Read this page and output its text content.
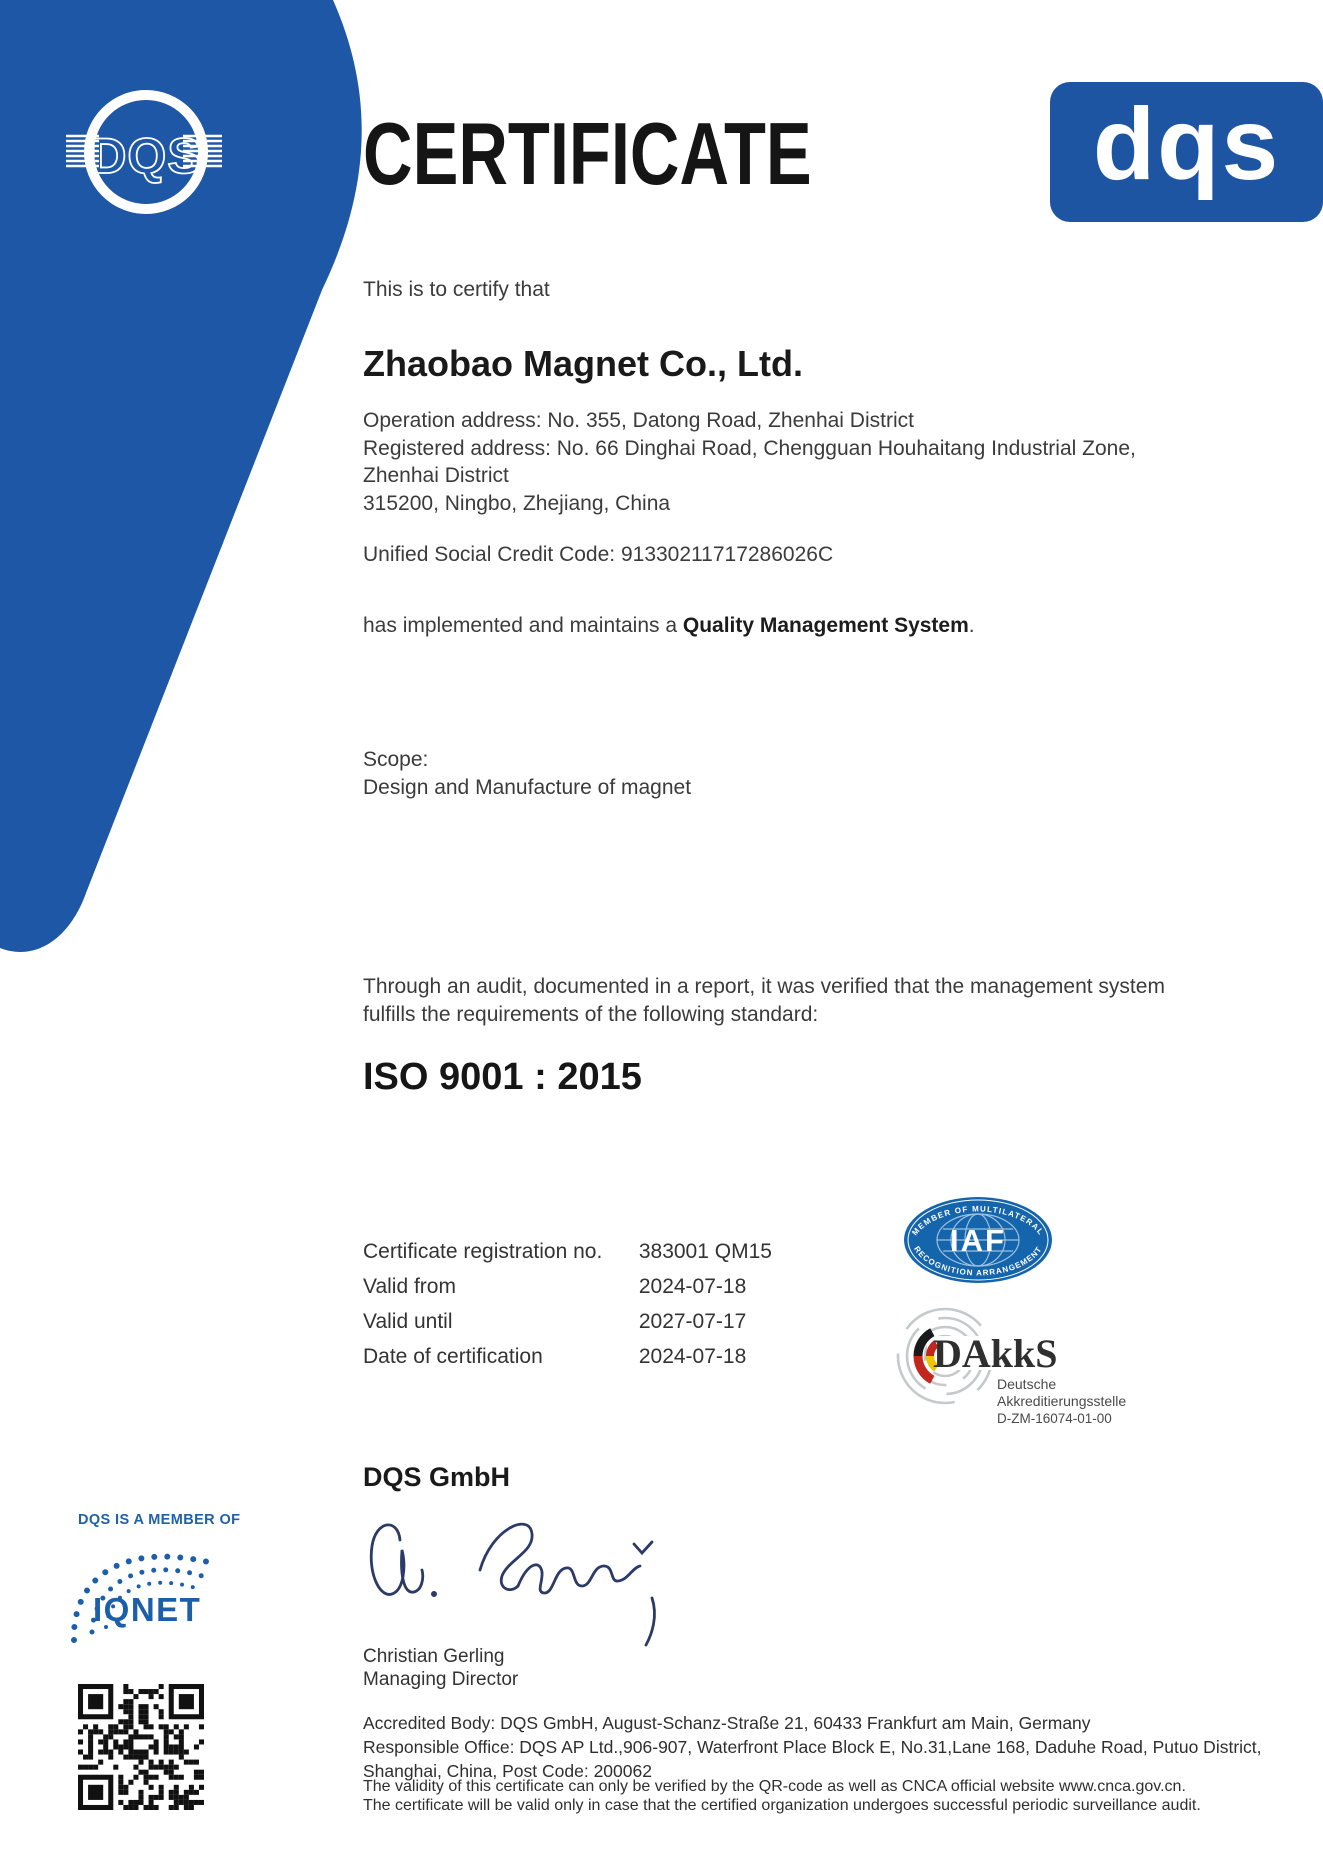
DQS CERTIFICATE	dqs
This is to certify that
Zhaobao Magnet Co., Ltd.
Operation address: No. 355, Datong Road, Zhenhai District
Registered address: No. 66 Dinghai Road, Chengguan Houhaitang Industrial Zone,
Zhenhai District
315200, Ningbo, Zhejiang, China
Unified Social Credit Code: 91330211717286026C
has implemented and maintains a Quality Management System.
Scope:
Design and Manufacture of magnet
Through an audit, documented in a report, it was verified that the management system fulfills the requirements of the following standard:
ISO 9001 : 2015
Certificate registration no. 383001 QM15
Valid from	2024-07-18
Valid until	2027-07-17
Date of certification	2024-07-18
MEMBER OF MULTILATERAL
RECOGNITION ARRANGEMENT
IAF
DAkkS
Deutsche
Akkreditierungsstelle
D-ZM-16074-01-00
DQS GmbH
Christian Gerling
Managing Director
DQS IS A MEMBER OF
IQNET
Accredited Body: DQS GmbH, August-Schanz-Straße 21, 60433 Frankfurt am Main, Germany
Responsible Office: DQS AP Ltd.,906-907, Waterfront Place Block E, No.31,Lane 168, Daduhe Road, Putuo District,
Shanghai, China, Post Code: 200062
The validity of this certificate can only be verified by the QR-code as well as CNCA official website www.cnca.gov.cn.
The certificate will be valid only in case that the certified organization undergoes successful periodic surveillance audit.
